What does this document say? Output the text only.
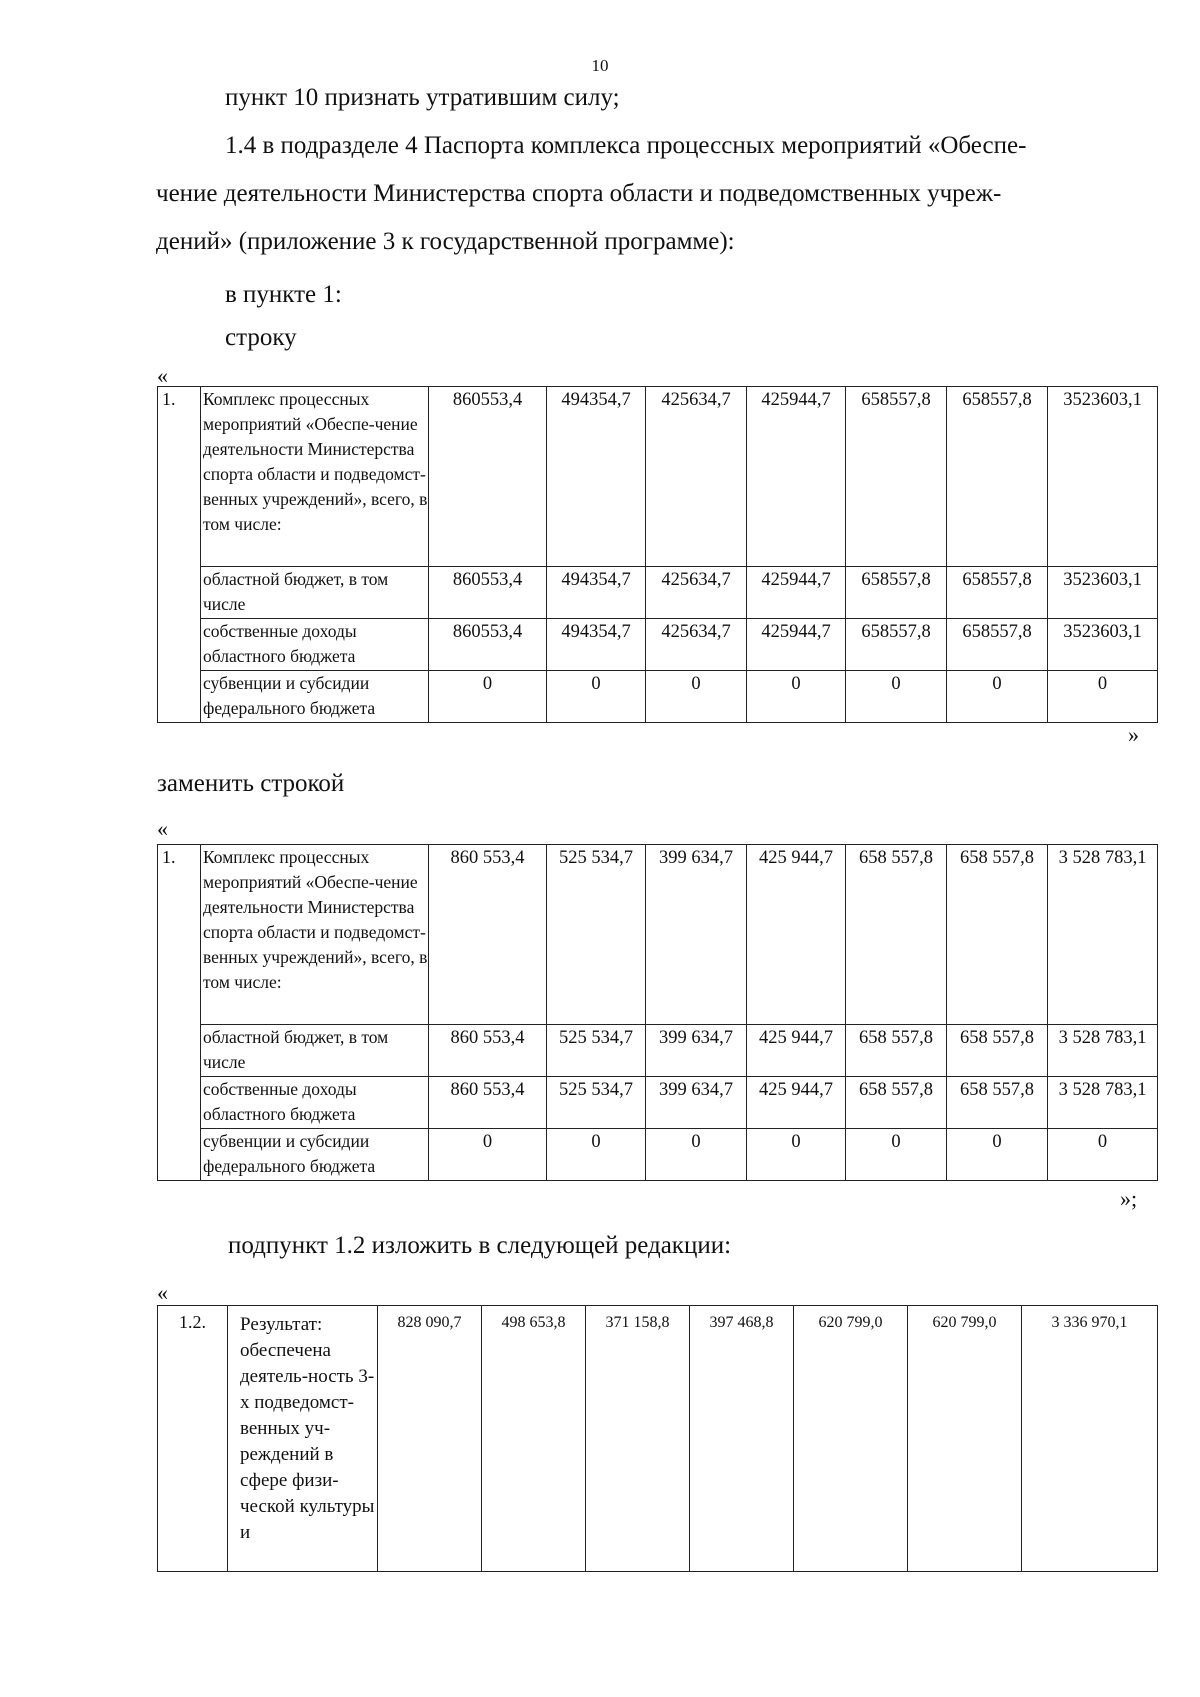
10
пункт 10 признать утратившим силу;
1.4 в подразделе 4 Паспорта комплекса процессных мероприятий «Обеспе-
чение деятельности Министерства спорта области и подведомственных учреж-
дений» (приложение 3 к государственной программе):
в пункте 1:
строку
«
1.	Комплекс процессных мероприятий «Обеспе-чение деятельности Министерства спорта области и подведомст-венных учреждений», всего, в том числе:	860553,4	494354,7	425634,7	425944,7	658557,8	658557,8	3523603,1
	областной бюджет, в том числе	860553,4	494354,7	425634,7	425944,7	658557,8	658557,8	3523603,1
	собственные доходы областного бюджета	860553,4	494354,7	425634,7	425944,7	658557,8	658557,8	3523603,1
	субвенции и субсидии федерального бюджета	0	0	0	0	0	0	0
»
заменить строкой
«
1.	Комплекс процессных мероприятий «Обеспе-чение деятельности Министерства спорта области и подведомст-венных учреждений», всего, в том числе:	860 553,4	525 534,7	399 634,7	425 944,7	658 557,8	658 557,8	3 528 783,1
	областной бюджет, в том числе	860 553,4	525 534,7	399 634,7	425 944,7	658 557,8	658 557,8	3 528 783,1
	собственные доходы областного бюджета	860 553,4	525 534,7	399 634,7	425 944,7	658 557,8	658 557,8	3 528 783,1
	субвенции и субсидии федерального бюджета	0	0	0	0	0	0	0
»;
подпункт 1.2 изложить в следующей редакции:
«
1.2.	Результат: обеспечена деятель-ность 3-х подведомст-венных уч-реждений в сфере физи-ческой культуры и	828 090,7	498 653,8	371 158,8	397 468,8	620 799,0	620 799,0	3 336 970,1
